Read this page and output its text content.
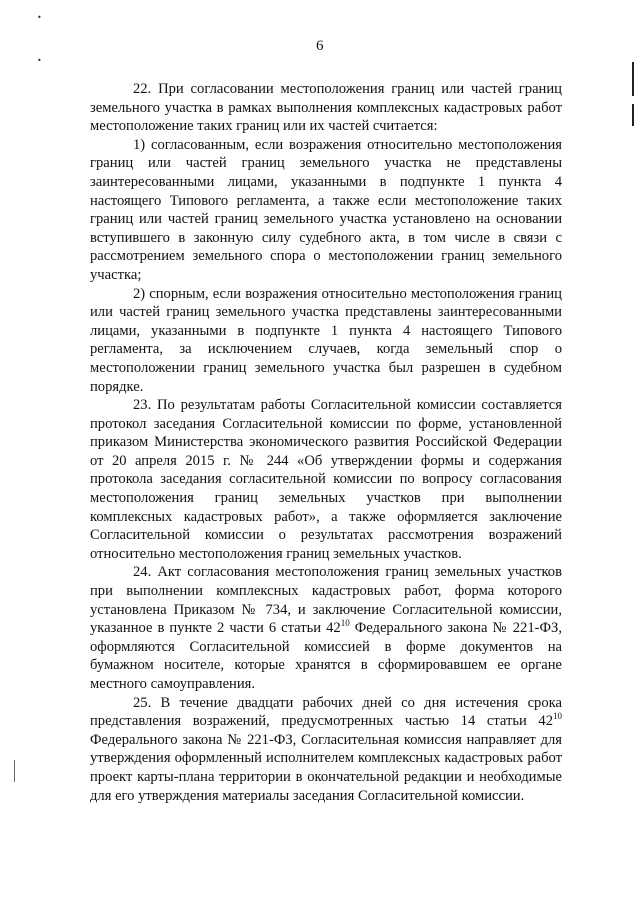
•
•
6

22. При согласовании местоположения границ или частей границ земельного участка в рамках выполнения комплексных кадастровых работ местоположение таких границ или их частей считается:

1) согласованным, если возражения относительно местоположения границ или частей границ земельного участка не представлены заинтересованными лицами, указанными в подпункте 1 пункта 4 настоящего Типового регламента, а также если местоположение таких границ или частей границ земельного участка установлено на основании вступившего в законную силу судебного акта, в том числе в связи с рассмотрением земельного спора о местоположении границ земельного участка;

2) спорным, если возражения относительно местоположения границ или частей границ земельного участка представлены заинтересованными лицами, указанными в подпункте 1 пункта 4 настоящего Типового регламента, за исключением случаев, когда земельный спор о местоположении границ земельного участка был разрешен в судебном порядке.

23. По результатам работы Согласительной комиссии составляется протокол заседания Согласительной комиссии по форме, установленной приказом Министерства экономического развития Российской Федерации от 20 апреля 2015 г. № 244 «Об утверждении формы и содержания протокола заседания согласительной комиссии по вопросу согласования местоположения границ земельных участков при выполнении комплексных кадастровых работ», а также оформляется заключение Согласительной комиссии о результатах рассмотрения возражений относительно местоположения границ земельных участков.

24. Акт согласования местоположения границ земельных участков при выполнении комплексных кадастровых работ, форма которого установлена Приказом № 734, и заключение Согласительной комиссии, указанное в пункте 2 части 6 статьи $42^{10}$ Федерального закона № 221-ФЗ, оформляются Согласительной комиссией в форме документов на бумажном носителе, которые хранятся в сформировавшем ее органе местного самоуправления.

25. В течение двадцати рабочих дней со дня истечения срока представления возражений, предусмотренных частью 14 статьи $42^{10}$ Федерального закона № 221-ФЗ, Согласительная комиссия направляет для утверждения оформленный исполнителем комплексных кадастровых работ проект карты-плана территории в окончательной редакции и необходимые для его утверждения материалы заседания Согласительной комиссии.
